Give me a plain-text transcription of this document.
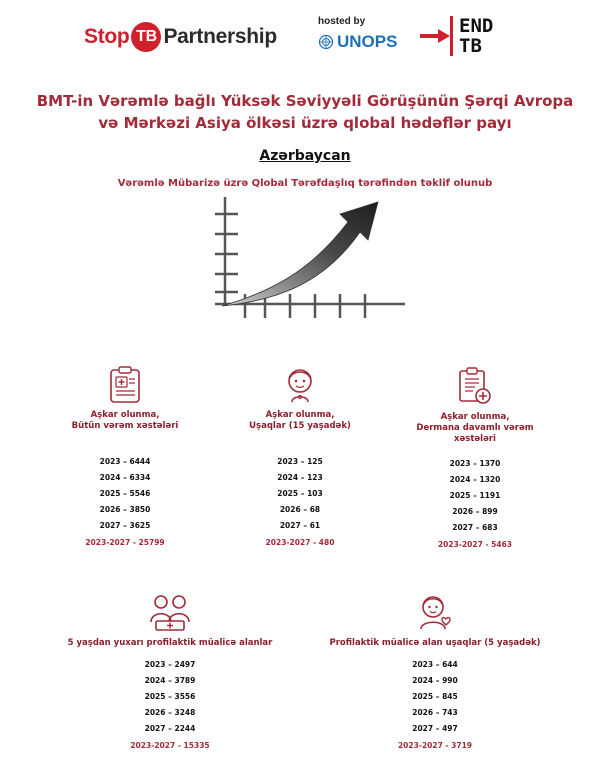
Stop TB Partnership
hosted by
UNOPS
END
TB
BMT-in Vərəmlə bağlı Yüksək Səviyyəli Görüşünün Şərqi Avropa
və Mərkəzi Asiya ölkəsi üzrə qlobal hədəflər payı
Azərbaycan
Vərəmlə Mübarizə üzrə Qlobal Tərəfdaşlıq tərəfindən təklif olunub
Aşkar olunma,
Bütün vərəm xəstələri
2023 – 6444
2024 – 6334
2025 – 5546
2026 – 3850
2027 – 3625
2023-2027 - 25799
Aşkar olunma,
Uşaqlar (15 yaşadək)
2023 – 125
2024 – 123
2025 – 103
2026 – 68
2027 – 61
2023-2027 - 480
Aşkar olunma,
Dermana davamlı vərəm
xəstələri
2023 – 1370
2024 – 1320
2025 – 1191
2026 – 899
2027 – 683
2023-2027 - 5463
5 yaşdan yuxarı profilaktik müalicə alanlar
2023 – 2497
2024 – 3789
2025 – 3556
2026 – 3248
2027 – 2244
2023-2027 - 15335
Profilaktik müalicə alan uşaqlar (5 yaşadək)
2023 – 644
2024 – 990
2025 – 845
2026 – 743
2027 – 497
2023-2027 - 3719
